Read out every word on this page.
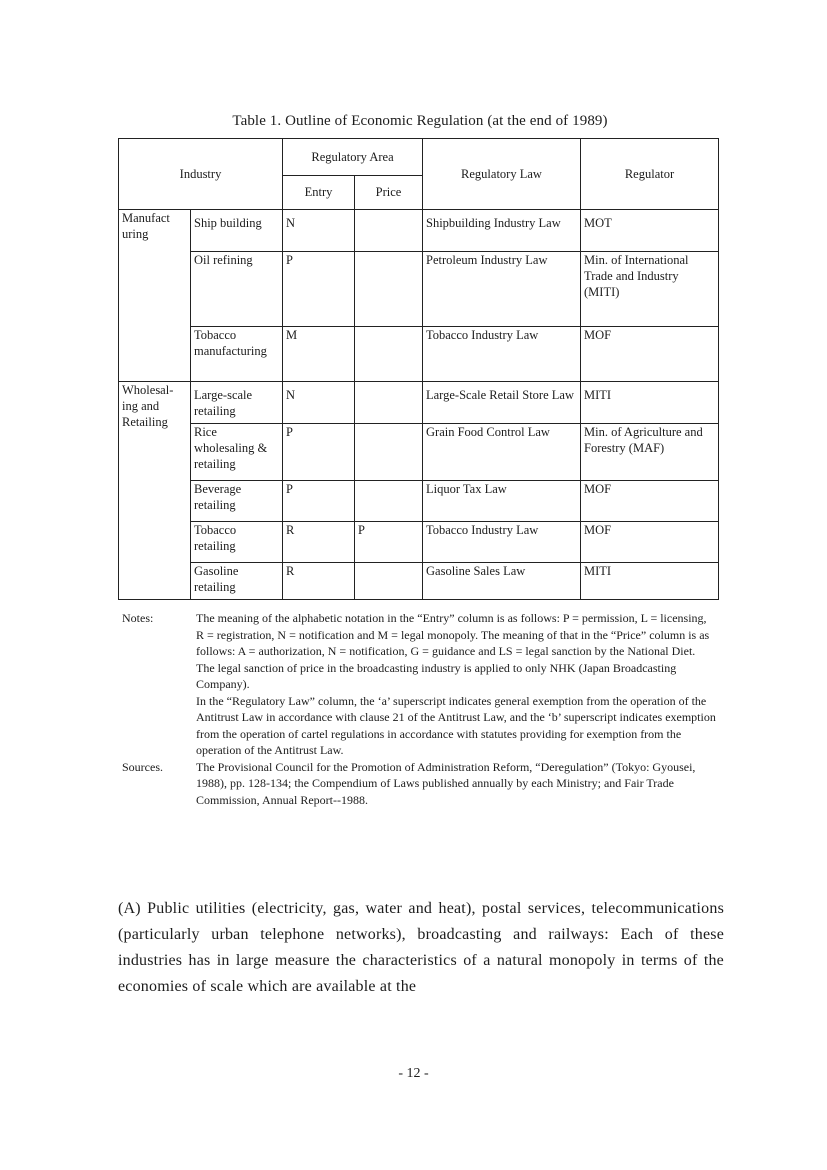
Table 1. Outline of Economic Regulation (at the end of 1989)
Industry		Regulatory Area		Regulatory Law	Regulator
		Entry	Price		
Manufact uring	Ship building	N		Shipbuilding Industry Law	MOT
	Oil refining	P		Petroleum Industry Law	Min. of International Trade and Industry (MITI)
	Tobacco manufacturing	M		Tobacco Industry Law	MOF
Wholesal- ing and Retailing	Large-scale retailing	N		Large-Scale Retail Store Law	MITI
	Rice wholesaling & retailing	P		Grain Food Control Law	Min. of Agriculture and Forestry (MAF)
	Beverage retailing	P		Liquor Tax Law	MOF
	Tobacco retailing	R	P	Tobacco Industry Law	MOF
	Gasoline retailing	R		Gasoline Sales Law	MITI
Notes:	The meaning of the alphabetic notation in the “Entry” column is as follows: P = permission, L = licensing, R = registration, N = notification and M = legal monopoly. The meaning of that in the “Price” column is as follows: A = authorization, N = notification, G = guidance and LS = legal sanction by the National Diet. The legal sanction of price in the broadcasting industry is applied to only NHK (Japan Broadcasting Company).

In the “Regulatory Law” column, the ‘a’ superscript indicates general exemption from the operation of the Antitrust Law in accordance with clause 21 of the Antitrust Law, and the ‘b’ superscript indicates exemption from the operation of cartel regulations in accordance with statutes providing for exemption from the operation of the Antitrust Law.

Sources.	The Provisional Council for the Promotion of Administration Reform, “Deregulation” (Tokyo: Gyousei, 1988), pp. 128-134; the Compendium of Laws published annually by each Ministry; and Fair Trade Commission, Annual Report--1988.

(A) Public utilities (electricity, gas, water and heat), postal services, telecommunications (particularly urban telephone networks), broadcasting and railways: Each of these industries has in large measure the characteristics of a natural monopoly in terms of the economies of scale which are available at the
- 12 -
